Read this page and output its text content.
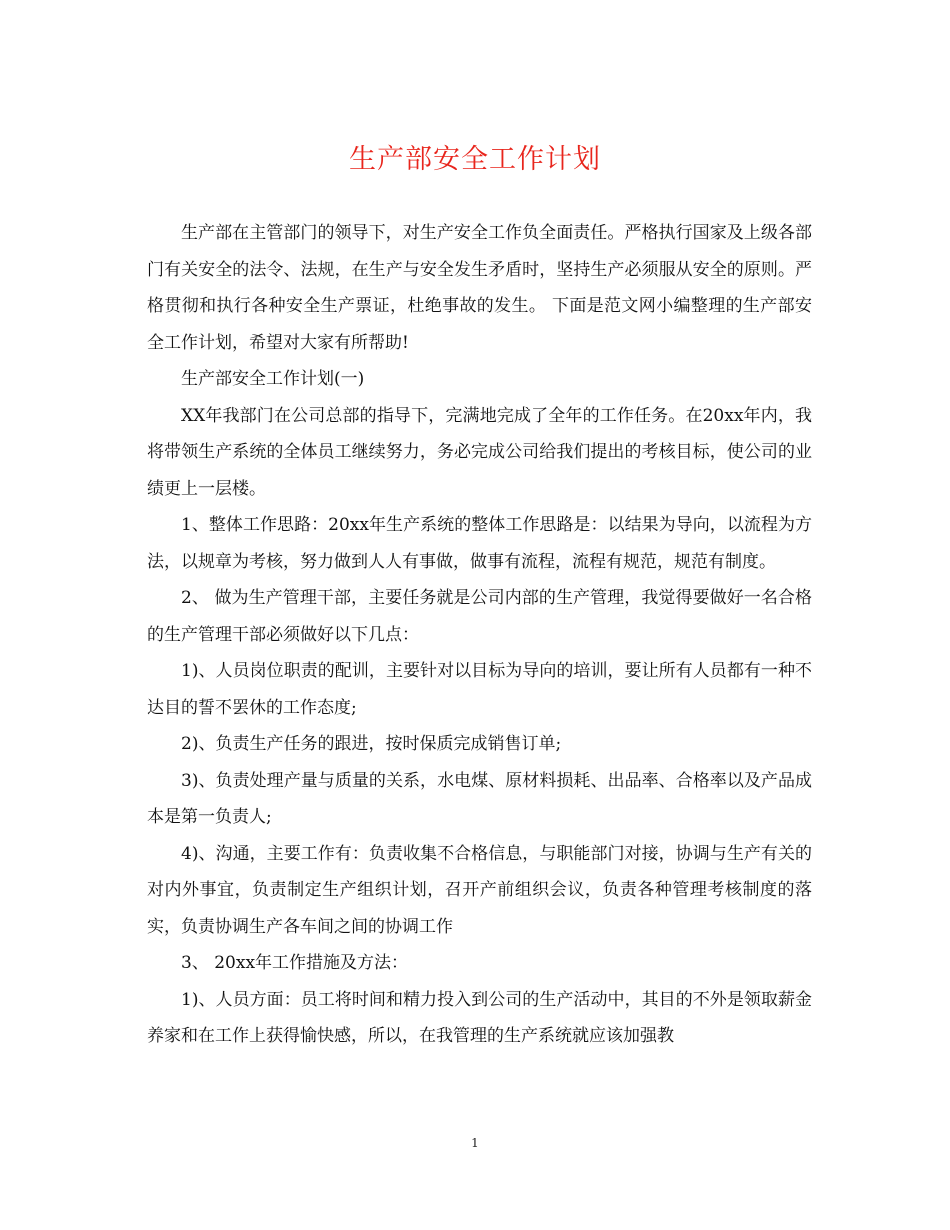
生产部安全工作计划

生产部在主管部门的领导下，对生产安全工作负全面责任。严格执行国家及上级各部门有关安全的法令、法规，在生产与安全发生矛盾时，坚持生产必须服从安全的原则。严格贯彻和执行各种安全生产票证，杜绝事故的发生。 下面是范文网小编整理的生产部安全工作计划，希望对大家有所帮助!

生产部安全工作计划(一)

XX年我部门在公司总部的指导下，完满地完成了全年的工作任务。在20xx年内，我将带领生产系统的全体员工继续努力，务必完成公司给我们提出的考核目标，使公司的业绩更上一层楼。

1、整体工作思路：20xx年生产系统的整体工作思路是：以结果为导向，以流程为方法，以规章为考核，努力做到人人有事做，做事有流程，流程有规范，规范有制度。

2、 做为生产管理干部，主要任务就是公司内部的生产管理，我觉得要做好一名合格的生产管理干部必须做好以下几点：

1)、人员岗位职责的配训，主要针对以目标为导向的培训，要让所有人员都有一种不达目的誓不罢休的工作态度;

2)、负责生产任务的跟进，按时保质完成销售订单;

3)、负责处理产量与质量的关系，水电煤、原材料损耗、出品率、合格率以及产品成本是第一负责人;

4)、沟通，主要工作有：负责收集不合格信息，与职能部门对接，协调与生产有关的对内外事宜，负责制定生产组织计划，召开产前组织会议，负责各种管理考核制度的落实，负责协调生产各车间之间的协调工作

3、 20xx年工作措施及方法：

1)、人员方面：员工将时间和精力投入到公司的生产活动中，其目的不外是领取薪金养家和在工作上获得愉快感，所以，在我管理的生产系统就应该加强教

1
